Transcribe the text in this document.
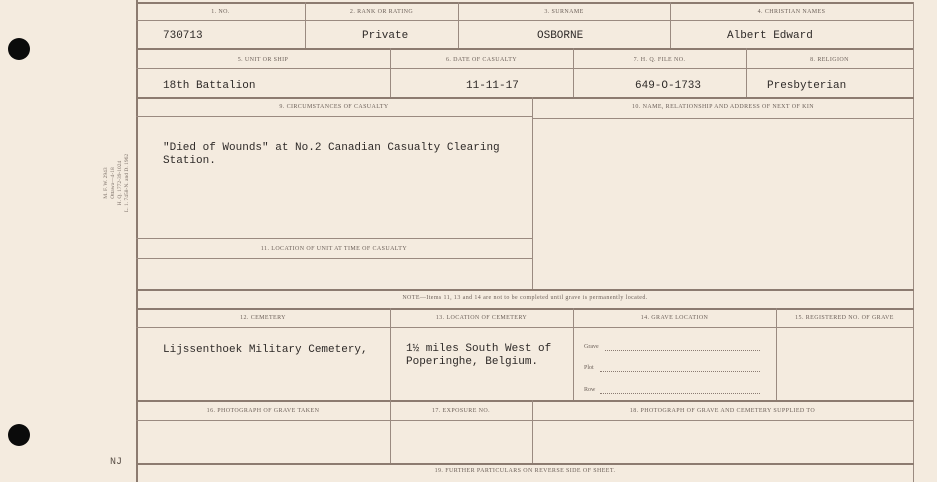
M. F. W. 2943 Ottawa—4-18 H. Q. 1772-39-1024 L. 1. 7458-N. and D. 1962
NJ
1. NO.	2. RANK OR RATING	3. SURNAME	4. CHRISTIAN NAMES
730713	Private	OSBORNE	Albert Edward
5. UNIT OR SHIP	6. DATE OF CASUALTY	7. H. Q. FILE NO.	8. RELIGION
18th Battalion	11-11-17	649-O-1733	Presbyterian
9. CIRCUMSTANCES OF CASUALTY	10. NAME, RELATIONSHIP AND ADDRESS OF NEXT OF KIN
"Died of Wounds" at No.2 Canadian Casualty Clearing
Station.
11. LOCATION OF UNIT AT TIME OF CASUALTY
NOTE—Items 11, 13 and 14 are not to be completed until grave is permanently located.
12. CEMETERY	13. LOCATION OF CEMETERY	14. GRAVE LOCATION	15. REGISTERED NO. OF GRAVE
Lijssenthoek Military Cemetery,	1½ miles South West of
Poperinghe, Belgium.
Grave
Plot
Row
16. PHOTOGRAPH OF GRAVE TAKEN	17. EXPOSURE NO.	18. PHOTOGRAPH OF GRAVE AND CEMETERY SUPPLIED TO
19. FURTHER PARTICULARS ON REVERSE SIDE OF SHEET.
